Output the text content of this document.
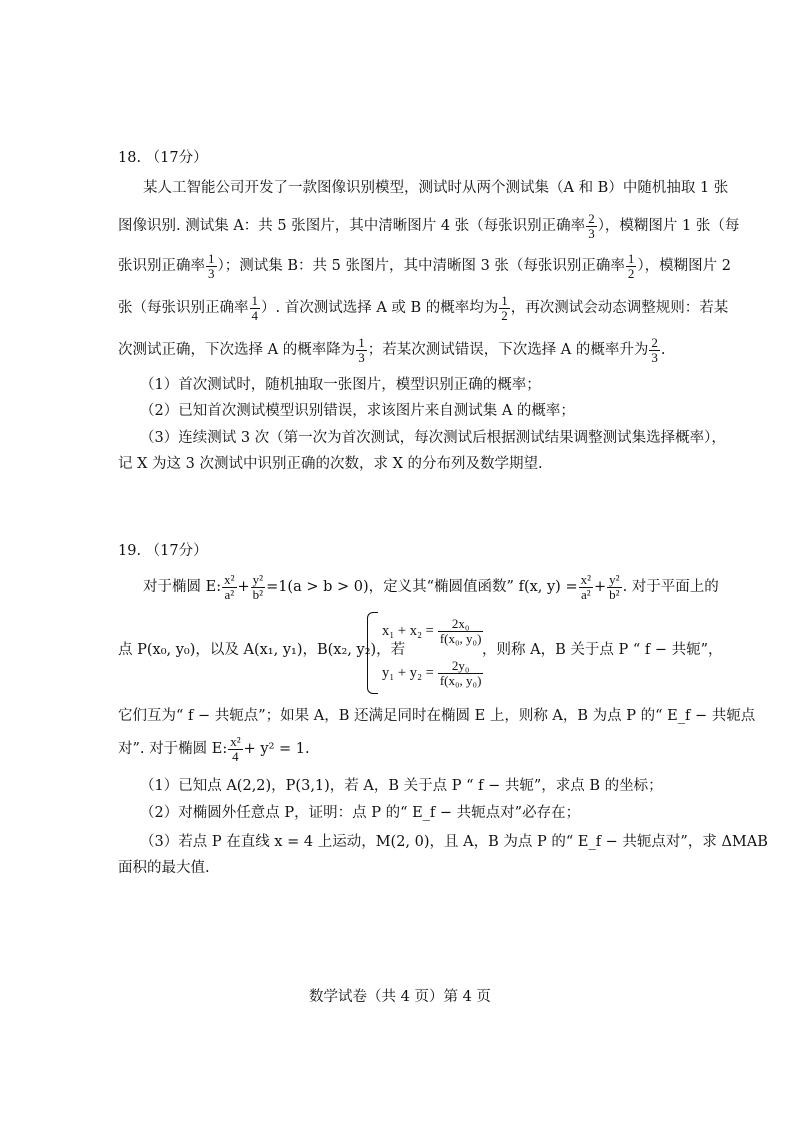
18. （17分）
某人工智能公司开发了一款图像识别模型，测试时从两个测试集（A 和 B）中随机抽取 1 张
图像识别. 测试集 A：共 5 张图片，其中清晰图片 4 张（每张识别正确率 $\frac{2}{3}$ ），模糊图片 1 张（每
张识别正确率 $\frac{1}{3}$ ）；测试集 B：共 5 张图片，其中清晰图 3 张（每张识别正确率 $\frac{1}{2}$ ），模糊图片 2
张（每张识别正确率 $\frac{1}{4}$ ）. 首次测试选择 A 或 B 的概率均为 $\frac{1}{2}$ ，再次测试会动态调整规则：若某
次测试正确，下次选择 A 的概率降为 $\frac{1}{3}$ ；若某次测试错误，下次选择 A 的概率升为 $\frac{2}{3}$ .
（1）首次测试时，随机抽取一张图片，模型识别正确的概率；
（2）已知首次测试模型识别错误，求该图片来自测试集 A 的概率；
（3）连续测试 3 次（第一次为首次测试，每次测试后根据测试结果调整测试集选择概率），
记 X 为这 3 次测试中识别正确的次数，求 X 的分布列及数学期望.
19. （17分）
对于椭圆 E: $\frac{\text{x²}}{\text{a²}} + \frac{\text{y²}}{\text{b²}} =1(a > b > 0)$，定义其“椭圆值函数” f(x, $y) = \frac{\text{x²}}{\text{a²}} + \frac{\text{y²}}{\text{b²}}$ . 对于平面上的
点 P(x₀, y₀)，以及 A(x₁, y₁)，B(x₂, y₂)，若
$x_1 + x_2 = \frac{\text{2x₀}}{\text{f(x₀, y₀)}}$
$y_1 + y_2 = \frac{\text{2y₀}}{\text{f(x₀, y₀)}}$
，则称 A，B 关于点 P “ f − 共轭”，
它们互为“ f − 共轭点”；如果 A，B 还满足同时在椭圆 E 上，则称 A，B 为点 P 的“ E_f − 共轭点
对”. 对于椭圆 E: $\frac{\text{x²}}{4} + y^2 = 1$.
（1）已知点 A(2,2)，P(3,1)，若 A，B 关于点 P “ f − 共轭”，求点 B 的坐标；
（2）对椭圆外任意点 P，证明：点 P 的“ E_f − 共轭点对”必存在；
（3）若点 P 在直线 x = 4 上运动，M(2, 0)，且 A，B 为点 P 的“ E_f − 共轭点对”，求 ΔMAB
面积的最大值.
数学试卷（共 4 页）第 4 页
